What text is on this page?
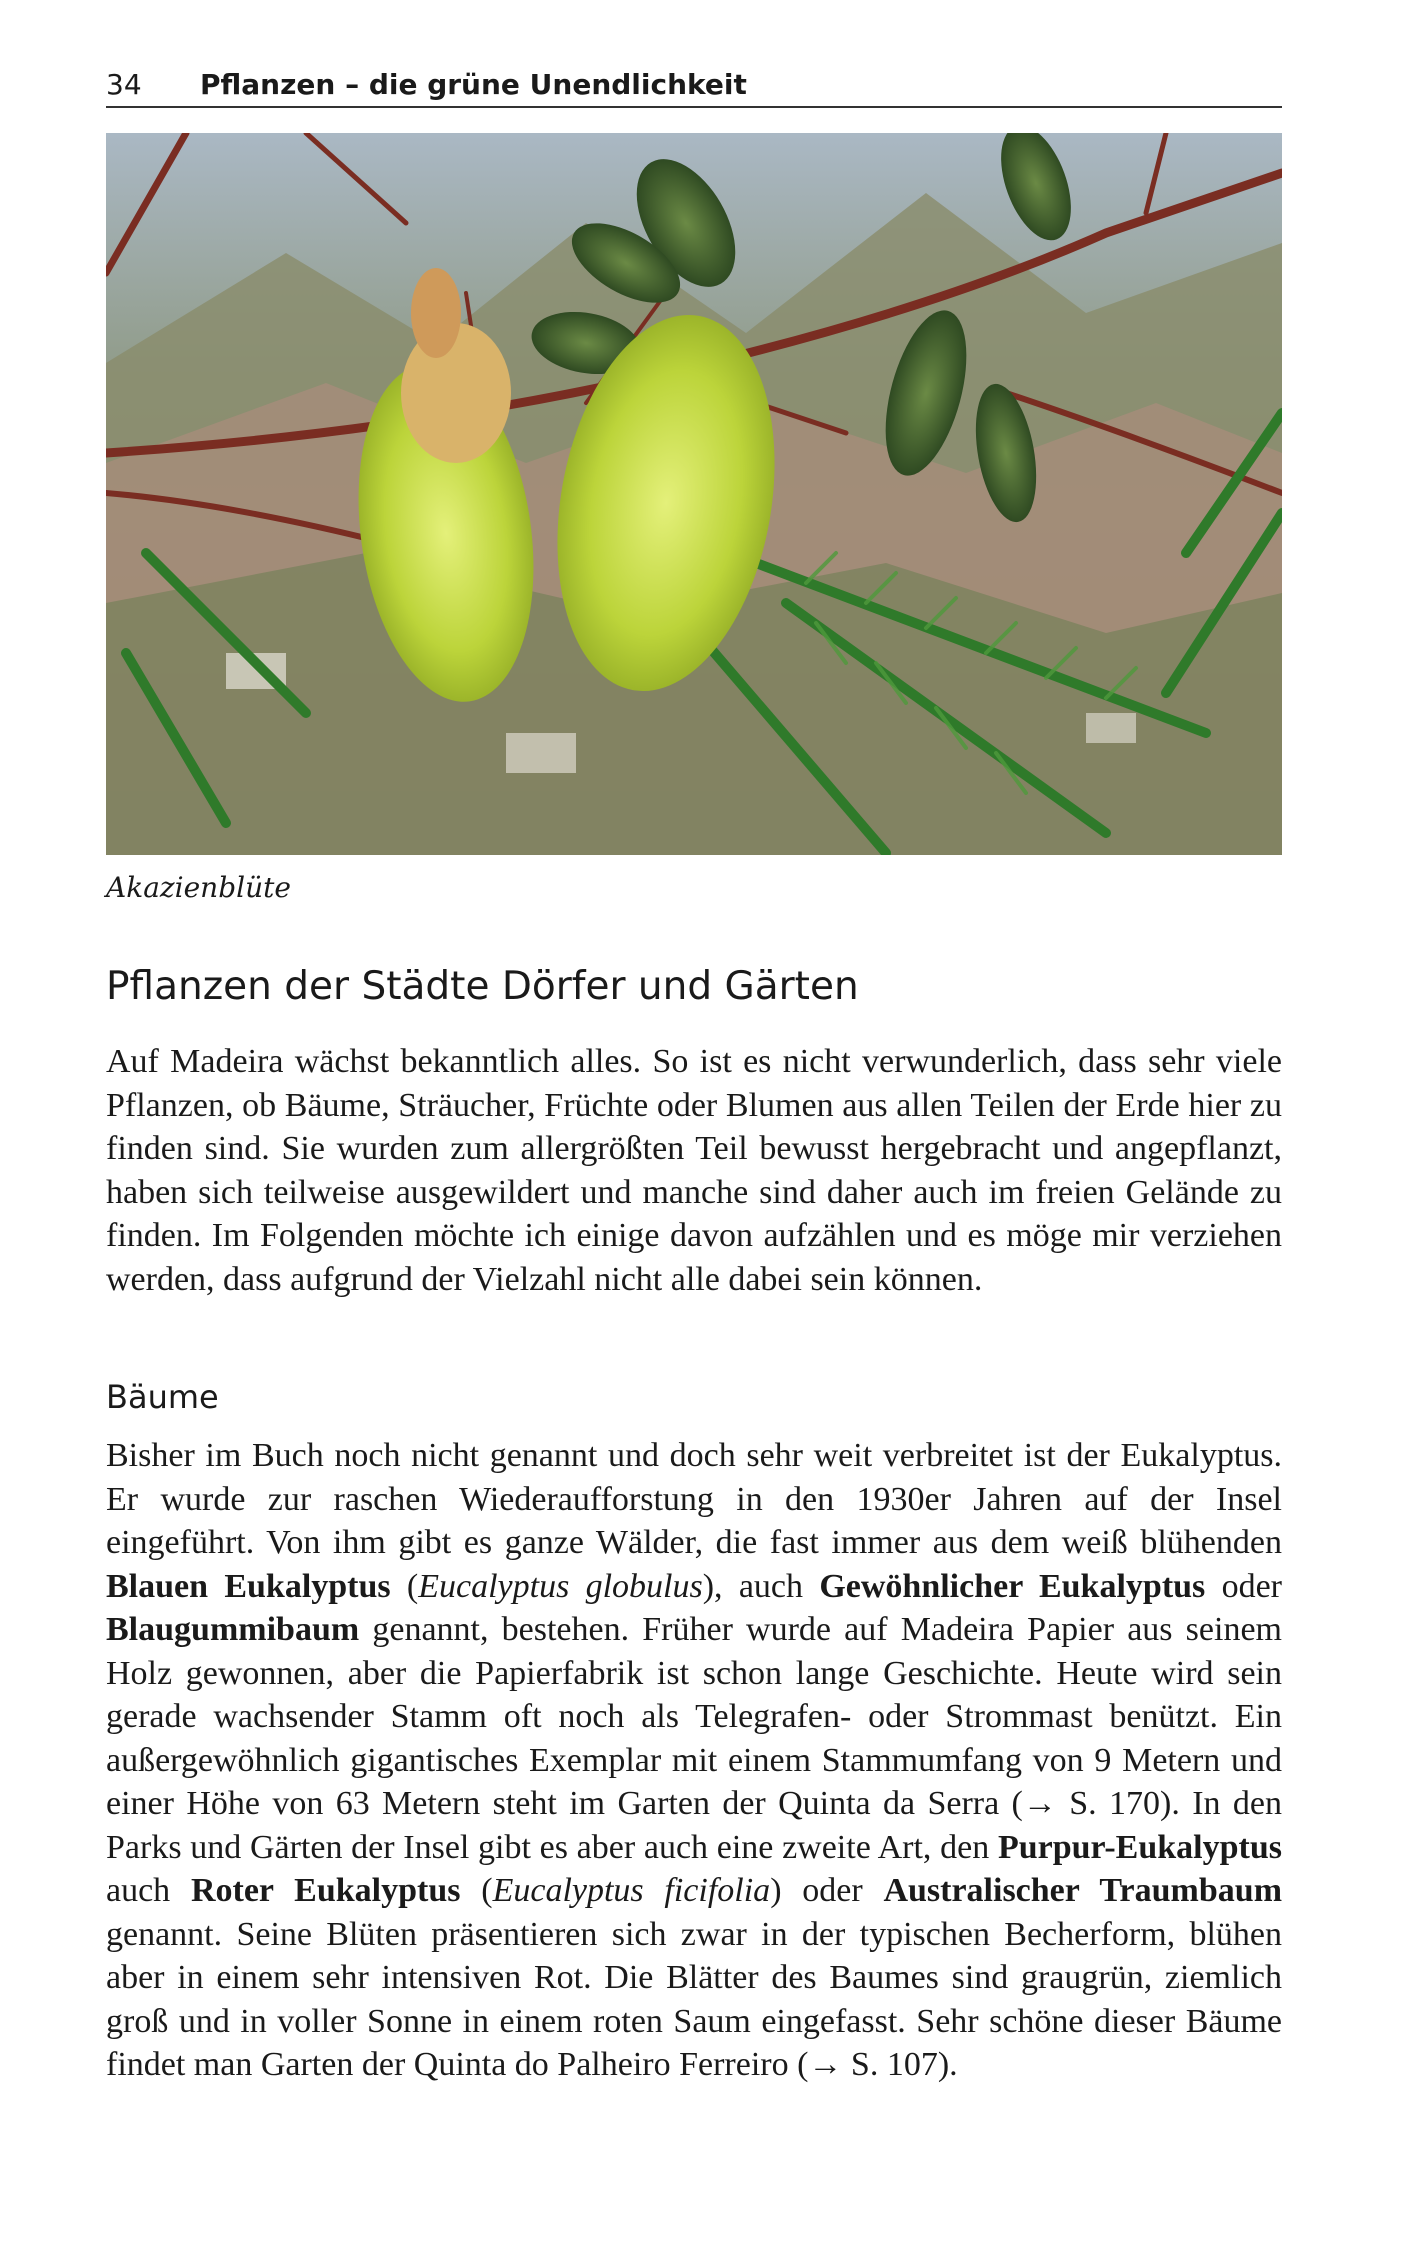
34 Pflanzen – die grüne Unendlichkeit
Akazienblüte
Pflanzen der Städte Dörfer und Gärten

Auf Madeira wächst bekanntlich alles. So ist es nicht verwunderlich, dass sehr viele Pflanzen, ob Bäume, Sträucher, Früchte oder Blumen aus allen Teilen der Erde hier zu finden sind. Sie wurden zum allergrößten Teil bewusst hergebracht und angepflanzt, haben sich teilweise ausgewildert und manche sind daher auch im freien Gelände zu finden. Im Folgenden möchte ich einige davon aufzählen und es möge mir verziehen werden, dass aufgrund der Vielzahl nicht alle dabei sein können.

Bäume

Bisher im Buch noch nicht genannt und doch sehr weit verbreitet ist der Eukalyptus. Er wurde zur raschen Wiederaufforstung in den 1930er Jahren auf der Insel eingeführt. Von ihm gibt es ganze Wälder, die fast immer aus dem weiß blühenden Blauen Eukalyptus (Eucalyptus globulus), auch Gewöhnlicher Eukalyptus oder Blaugummibaum genannt, bestehen. Früher wurde auf Madeira Papier aus seinem Holz gewonnen, aber die Papierfabrik ist schon lange Geschichte. Heute wird sein gerade wachsender Stamm oft noch als Telegrafen- oder Strommast benützt. Ein außergewöhnlich gigantisches Exemplar mit einem Stammumfang von 9 Metern und einer Höhe von 63 Metern steht im Garten der Quinta da Serra (→ S. 170). In den Parks und Gärten der Insel gibt es aber auch eine zweite Art, den Purpur-Eukalyptus auch Roter Eukalyptus (Eucalyptus ficifolia) oder Australischer Traumbaum genannt. Seine Blüten präsentieren sich zwar in der typischen Becherform, blühen aber in einem sehr intensiven Rot. Die Blätter des Baumes sind graugrün, ziemlich groß und in voller Sonne in einem roten Saum eingefasst. Sehr schöne dieser Bäume findet man Garten der Quinta do Palheiro Ferreiro (→ S. 107).
